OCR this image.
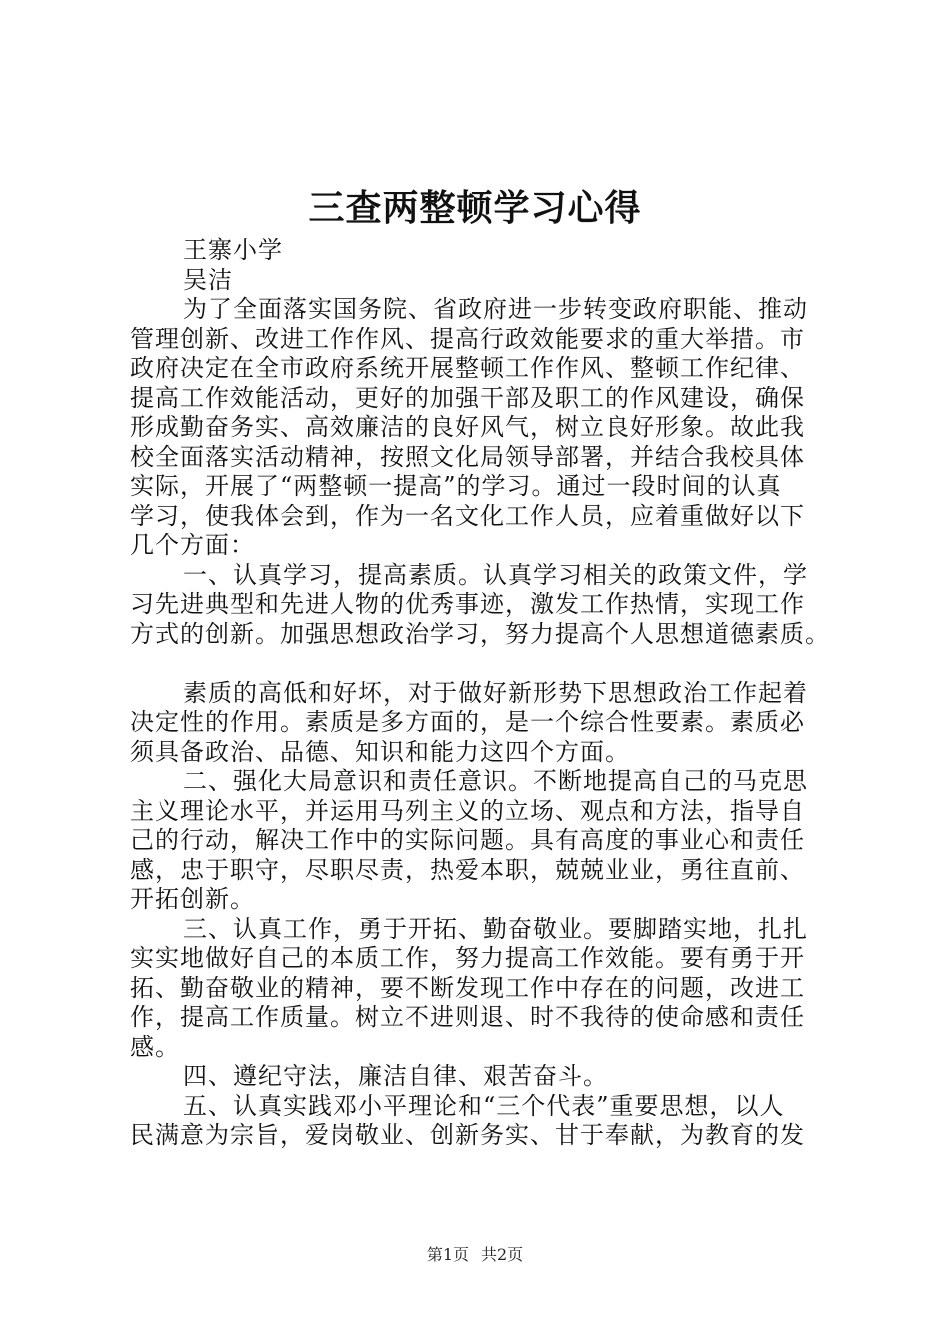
三查两整顿学习心得
王寨小学
吴洁
为了全面落实国务院、省政府进一步转变政府职能、推动
管理创新、改进工作作风、提高行政效能要求的重大举措。市
政府决定在全市政府系统开展整顿工作作风、整顿工作纪律、
提高工作效能活动，更好的加强干部及职工的作风建设，确保
形成勤奋务实、高效廉洁的良好风气，树立良好形象。故此我
校全面落实活动精神，按照文化局领导部署，并结合我校具体
实际，开展了“两整顿一提高”的学习。通过一段时间的认真
学习，使我体会到，作为一名文化工作人员，应着重做好以下
几个方面：
一、认真学习，提高素质。认真学习相关的政策文件，学
习先进典型和先进人物的优秀事迹，激发工作热情，实现工作
方式的创新。加强思想政治学习，努力提高个人思想道德素质。
素质的高低和好坏，对于做好新形势下思想政治工作起着
决定性的作用。素质是多方面的，是一个综合性要素。素质必
须具备政治、品德、知识和能力这四个方面。
二、强化大局意识和责任意识。不断地提高自己的马克思
主义理论水平，并运用马列主义的立场、观点和方法，指导自
己的行动，解决工作中的实际问题。具有高度的事业心和责任
感，忠于职守，尽职尽责，热爱本职，兢兢业业，勇往直前、
开拓创新。
三、认真工作，勇于开拓、勤奋敬业。要脚踏实地，扎扎
实实地做好自己的本质工作，努力提高工作效能。要有勇于开
拓、勤奋敬业的精神，要不断发现工作中存在的问题，改进工
作，提高工作质量。树立不进则退、时不我待的使命感和责任
感。
四、遵纪守法，廉洁自律、艰苦奋斗。
五、认真实践邓小平理论和“三个代表”重要思想，以人
民满意为宗旨，爱岗敬业、创新务实、甘于奉献，为教育的发
第1页 共2页
